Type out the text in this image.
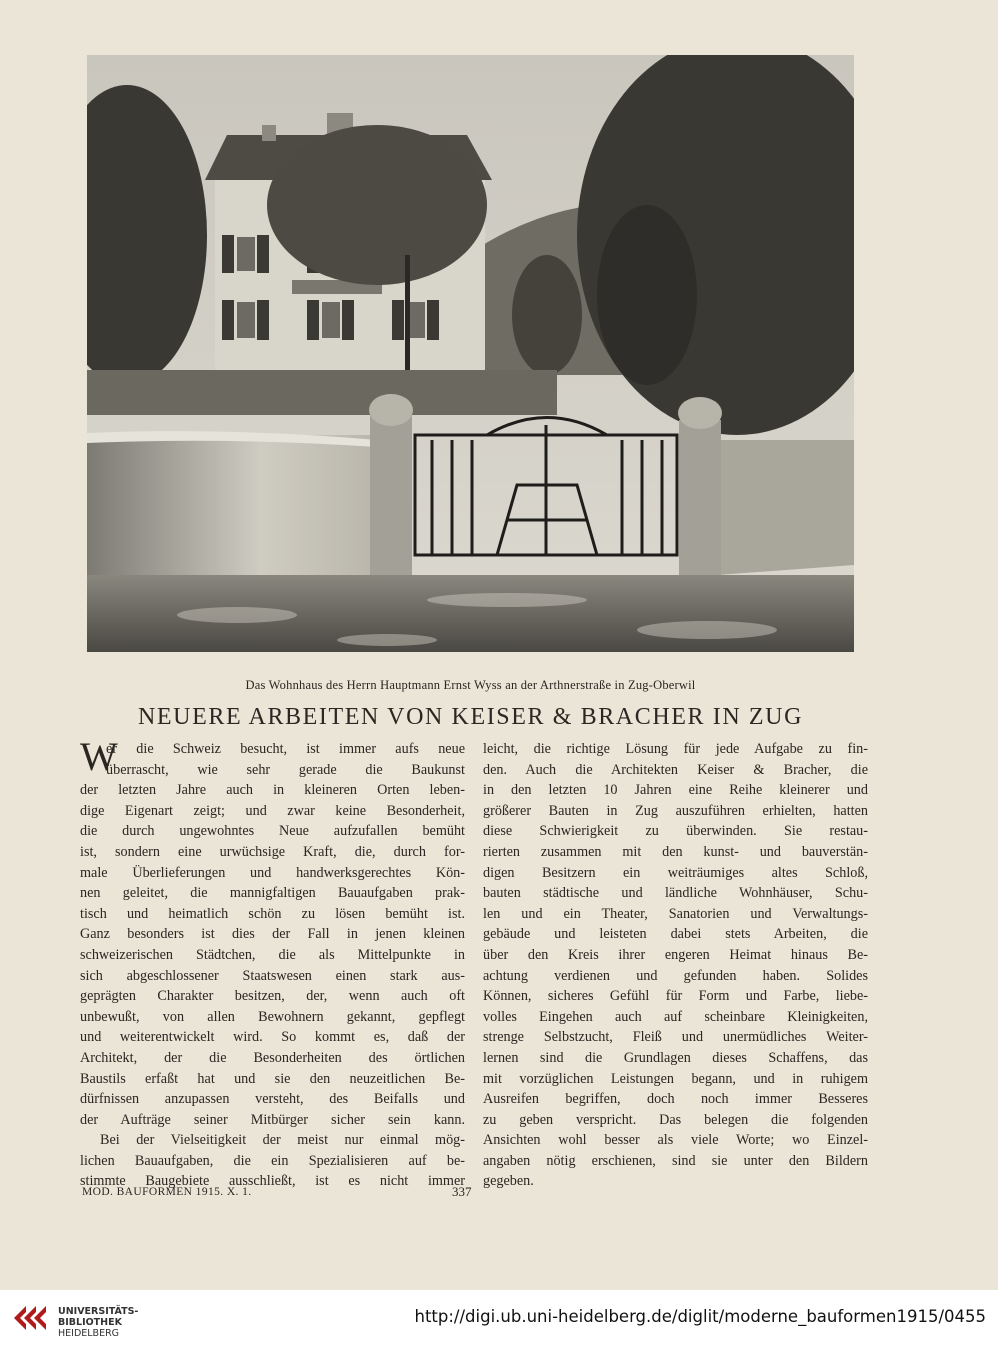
Das Wohnhaus des Herrn Hauptmann Ernst Wyss an der Arthnerstraße in Zug-Oberwil
NEUERE ARBEITEN VON KEISER & BRACHER IN ZUG
W
er die Schweiz besucht, ist immer aufs neue
überrascht, wie sehr gerade die Baukunst
der letzten Jahre auch in kleineren Orten leben-
dige Eigenart zeigt; und zwar keine Besonderheit,
die durch ungewohntes Neue aufzufallen bemüht
ist, sondern eine urwüchsige Kraft, die, durch for-
male Überlieferungen und handwerksgerechtes Kön-
nen geleitet, die mannigfaltigen Bauaufgaben prak-
tisch und heimatlich schön zu lösen bemüht ist.
Ganz besonders ist dies der Fall in jenen kleinen
schweizerischen Städtchen, die als Mittelpunkte in
sich abgeschlossener Staatswesen einen stark aus-
geprägten Charakter besitzen, der, wenn auch oft
unbewußt, von allen Bewohnern gekannt, gepflegt
und weiterentwickelt wird. So kommt es, daß der
Architekt, der die Besonderheiten des örtlichen
Baustils erfaßt hat und sie den neuzeitlichen Be-
dürfnissen anzupassen versteht, des Beifalls und
der Aufträge seiner Mitbürger sicher sein kann.
Bei der Vielseitigkeit der meist nur einmal mög-
lichen Bauaufgaben, die ein Spezialisieren auf be-
stimmte Baugebiete ausschließt, ist es nicht immer
leicht, die richtige Lösung für jede Aufgabe zu fin-
den. Auch die Architekten Keiser & Bracher, die
in den letzten 10 Jahren eine Reihe kleinerer und
größerer Bauten in Zug auszuführen erhielten, hatten
diese Schwierigkeit zu überwinden. Sie restau-
rierten zusammen mit den kunst- und bauverstän-
digen Besitzern ein weiträumiges altes Schloß,
bauten städtische und ländliche Wohnhäuser, Schu-
len und ein Theater, Sanatorien und Verwaltungs-
gebäude und leisteten dabei stets Arbeiten, die
über den Kreis ihrer engeren Heimat hinaus Be-
achtung verdienen und gefunden haben. Solides
Können, sicheres Gefühl für Form und Farbe, liebe-
volles Eingehen auch auf scheinbare Kleinigkeiten,
strenge Selbstzucht, Fleiß und unermüdliches Weiter-
lernen sind die Grundlagen dieses Schaffens, das
mit vorzüglichen Leistungen begann, und in ruhigem
Ausreifen begriffen, doch noch immer Besseres
zu geben verspricht. Das belegen die folgenden
Ansichten wohl besser als viele Worte; wo Einzel-
angaben nötig erschienen, sind sie unter den Bildern
gegeben.
MOD. BAUFORMEN 1915. X. 1.	337
UNIVERSITÄTS-
BIBLIOTHEK
HEIDELBERG
http://digi.ub.uni-heidelberg.de/diglit/moderne_bauformen1915/0455
